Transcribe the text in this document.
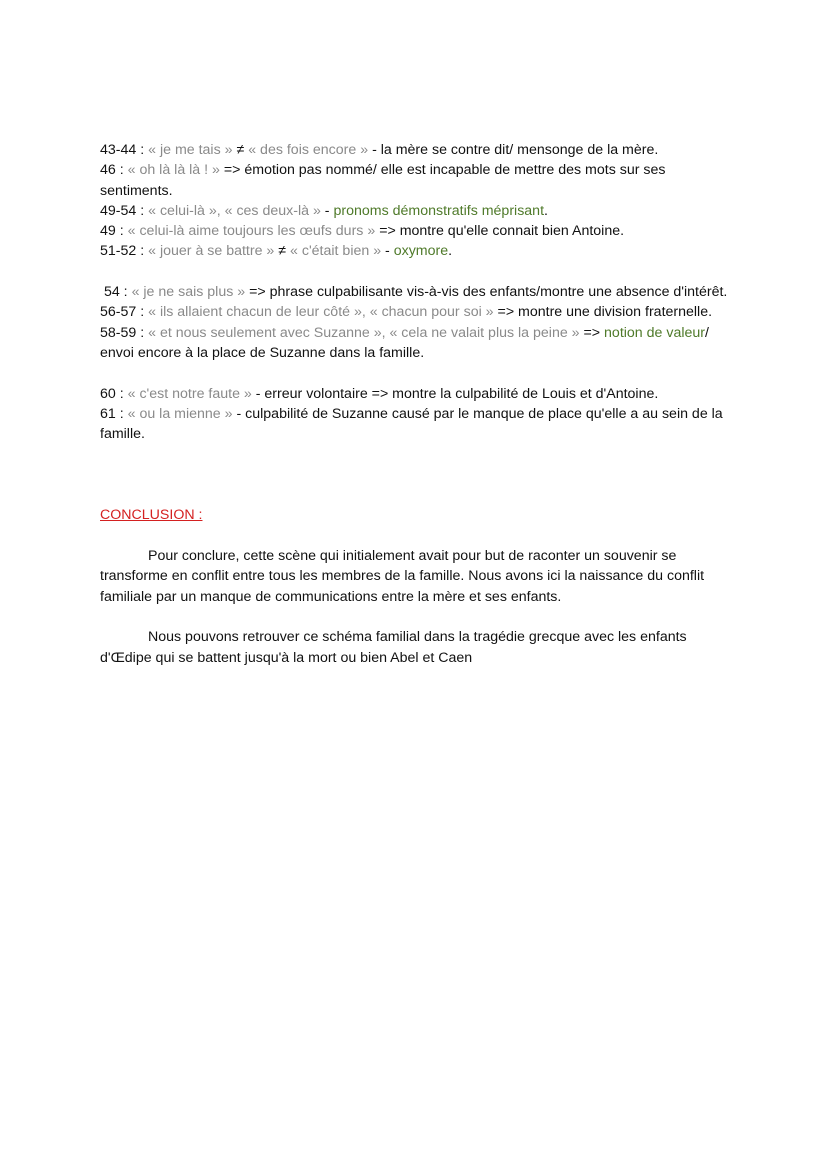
43-44 : « je me tais » ≠ « des fois encore » - la mère se contre dit/ mensonge de la mère.

46 : « oh là là là ! » => émotion pas nommé/ elle est incapable de mettre des mots sur ses sentiments.

49-54 : « celui-là », « ces deux-là » - pronoms démonstratifs méprisant.

49 : « celui-là aime toujours les œufs durs » => montre qu'elle connait bien Antoine.

51-52 : « jouer à se battre » ≠ « c'était bien » - oxymore.

54 : « je ne sais plus » => phrase culpabilisante vis-à-vis des enfants/montre une absence d'intérêt.

56-57 : « ils allaient chacun de leur côté », « chacun pour soi » => montre une division fraternelle.

58-59 : « et nous seulement avec Suzanne », « cela ne valait plus la peine » => notion de valeur/ envoi encore à la place de Suzanne dans la famille.

60 : « c'est notre faute » - erreur volontaire => montre la culpabilité de Louis et d'Antoine.

61 : « ou la mienne » - culpabilité de Suzanne causé par le manque de place qu'elle a au sein de la famille.

CONCLUSION :

Pour conclure, cette scène qui initialement avait pour but de raconter un souvenir se transforme en conflit entre tous les membres de la famille. Nous avons ici la naissance du conflit familiale par un manque de communications entre la mère et ses enfants.

Nous pouvons retrouver ce schéma familial dans la tragédie grecque avec les enfants d'Œdipe qui se battent jusqu'à la mort ou bien Abel et Caen
